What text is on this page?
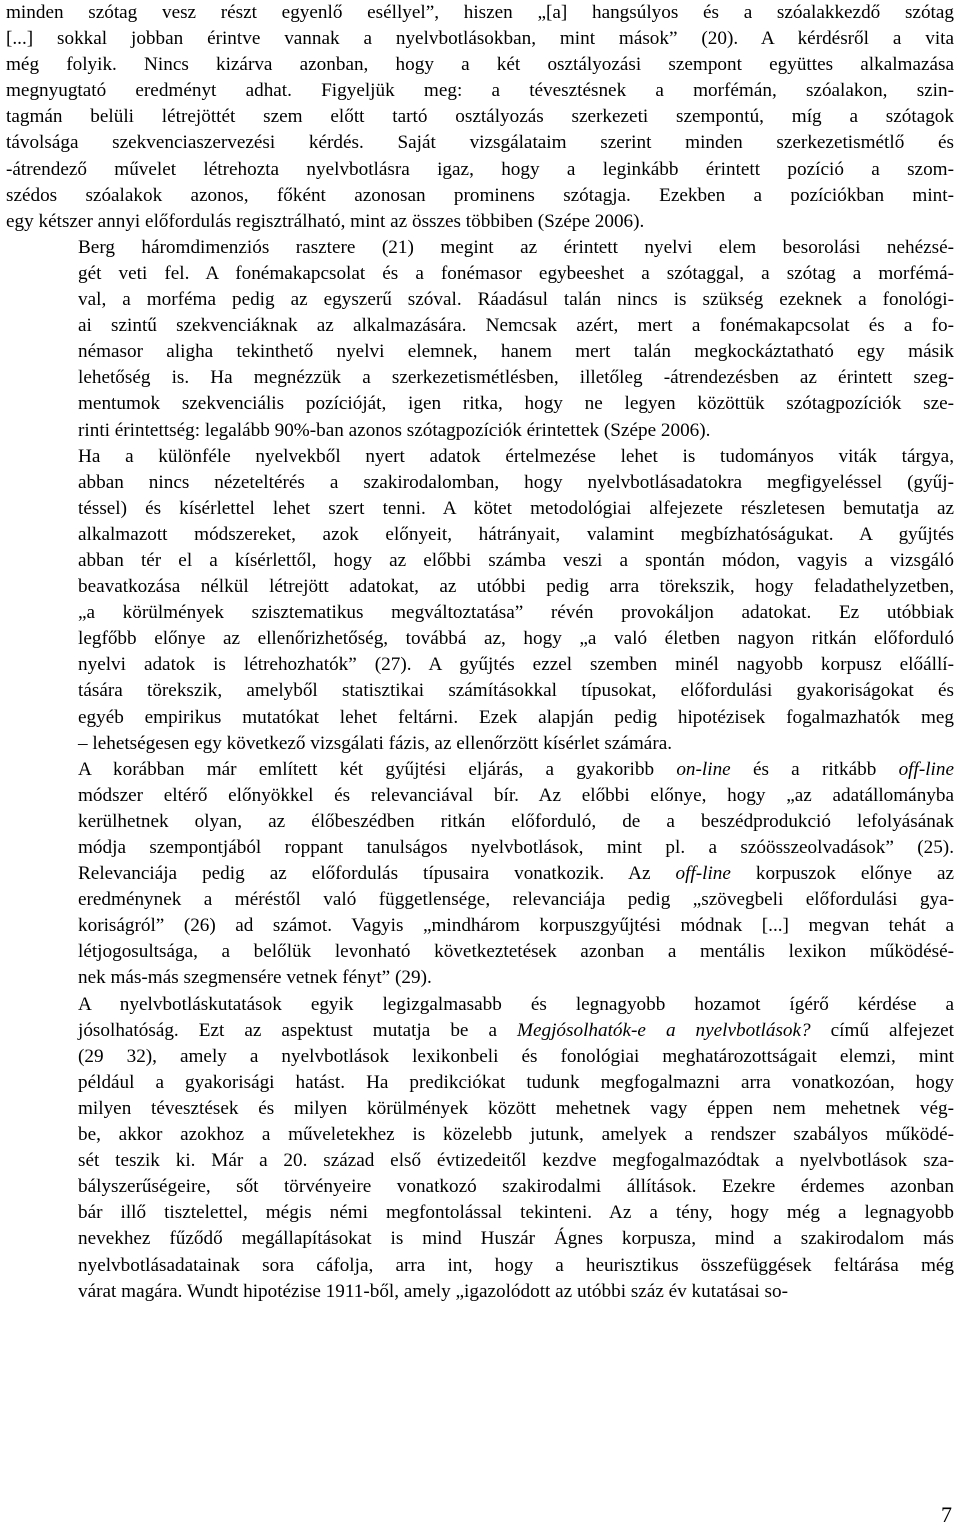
minden szótag vesz részt egyenlő eséllyel”, hiszen „[a] hangsúlyos és a szóalakkezdő szótag
[...] sokkal jobban érintve vannak a nyelvbotlásokban, mint mások” (20). A kérdésről a vita
még folyik. Nincs kizárva azonban, hogy a két osztályozási szempont együttes alkalmazása
megnyugtató eredményt adhat. Figyeljük meg: a tévesztésnek a morfémán, szóalakon, szin-
tagmán belüli létrejöttét szem előtt tartó osztályozás szerkezeti szempontú, míg a szótagok
távolsága szekvenciaszervezési kérdés. Saját vizsgálataim szerint minden szerkezetismétlő és
-átrendező művelet létrehozta nyelvbotlásra igaz, hogy a leginkább érintett pozíció a szom-
szédos szóalakok azonos, főként azonosan prominens szótagja. Ezekben a pozíciókban mint-
egy kétszer annyi előfordulás regisztrálható, mint az összes többiben (Szépe 2006).

Berg háromdimenziós rasztere (21) megint az érintett nyelvi elem besorolási nehézsé-
gét veti fel. A fonémakapcsolat és a fonémasor egybeeshet a szótaggal, a szótag a morfémá-
val, a morféma pedig az egyszerű szóval. Ráadásul talán nincs is szükség ezeknek a fonológi-
ai szintű szekvenciáknak az alkalmazására. Nemcsak azért, mert a fonémakapcsolat és a fo-
némasor aligha tekinthető nyelvi elemnek, hanem mert talán megkockáztatható egy másik
lehetőség is. Ha megnézzük a szerkezetismétlésben, illetőleg -átrendezésben az érintett szeg-
mentumok szekvenciális pozícióját, igen ritka, hogy ne legyen közöttük szótagpozíciók sze-
rinti érintettség: legalább 90%-ban azonos szótagpozíciók érintettek (Szépe 2006).

Ha a különféle nyelvekből nyert adatok értelmezése lehet is tudományos viták tárgya,
abban nincs nézeteltérés a szakirodalomban, hogy nyelvbotlásadatokra megfigyeléssel (gyűj-
téssel) és kísérlettel lehet szert tenni. A kötet metodológiai alfejezete részletesen bemutatja az
alkalmazott módszereket, azok előnyeit, hátrányait, valamint megbízhatóságukat. A gyűjtés
abban tér el a kísérlettől, hogy az előbbi számba veszi a spontán módon, vagyis a vizsgáló
beavatkozása nélkül létrejött adatokat, az utóbbi pedig arra törekszik, hogy feladathelyzetben,
„a körülmények szisztematikus megváltoztatása” révén provokáljon adatokat. Ez utóbbiak
legfőbb előnye az ellenőrizhetőség, továbbá az, hogy „a való életben nagyon ritkán előforduló
nyelvi adatok is létrehozhatók” (27). A gyűjtés ezzel szemben minél nagyobb korpusz előállí-
tására törekszik, amelyből statisztikai számításokkal típusokat, előfordulási gyakoriságokat és
egyéb empirikus mutatókat lehet feltárni. Ezek alapján pedig hipotézisek fogalmazhatók meg
– lehetségesen egy következő vizsgálati fázis, az ellenőrzött kísérlet számára.

A korábban már említett két gyűjtési eljárás, a gyakoribb on-line és a ritkább off-line
módszer eltérő előnyökkel és relevanciával bír. Az előbbi előnye, hogy „az adatállományba
kerülhetnek olyan, az élőbeszédben ritkán előforduló, de a beszédprodukció lefolyásának
módja szempontjából roppant tanulságos nyelvbotlások, mint pl. a szóösszeolvadások” (25).
Relevanciája pedig az előfordulás típusaira vonatkozik. Az off-line korpuszok előnye az
eredménynek a méréstől való függetlensége, relevanciája pedig „szövegbeli előfordulási gya-
koriságról” (26) ad számot. Vagyis „mindhárom korpuszgyűjtési módnak [...] megvan tehát a
létjogosultsága, a belőlük levonható következtetések azonban a mentális lexikon működésé-
nek más-más szegmensére vetnek fényt” (29).

A nyelvbotláskutatások egyik legizgalmasabb és legnagyobb hozamot ígérő kérdése a
jósolhatóság. Ezt az aspektust mutatja be a Megjósolhatók-e a nyelvbotlások? című alfejezet
(29 32), amely a nyelvbotlások lexikonbeli és fonológiai meghatározottságait elemzi, mint
például a gyakorisági hatást. Ha predikciókat tudunk megfogalmazni arra vonatkozóan, hogy
milyen tévesztések és milyen körülmények között mehetnek vagy éppen nem mehetnek vég-
be, akkor azokhoz a műveletekhez is közelebb jutunk, amelyek a rendszer szabályos működé-
sét teszik ki. Már a 20. század első évtizedeitől kezdve megfogalmazódtak a nyelvbotlások sza-
bályszerűségeire, sőt törvényeire vonatkozó szakirodalmi állítások. Ezekre érdemes azonban
bár illő tisztelettel, mégis némi megfontolással tekinteni. Az a tény, hogy még a legnagyobb
nevekhez fűződő megállapításokat is mind Huszár Ágnes korpusza, mind a szakirodalom más
nyelvbotlásadatainak sora cáfolja, arra int, hogy a heurisztikus összefüggések feltárása még
várat magára. Wundt hipotézise 1911-ből, amely „igazolódott az utóbbi száz év kutatásai so-

7
